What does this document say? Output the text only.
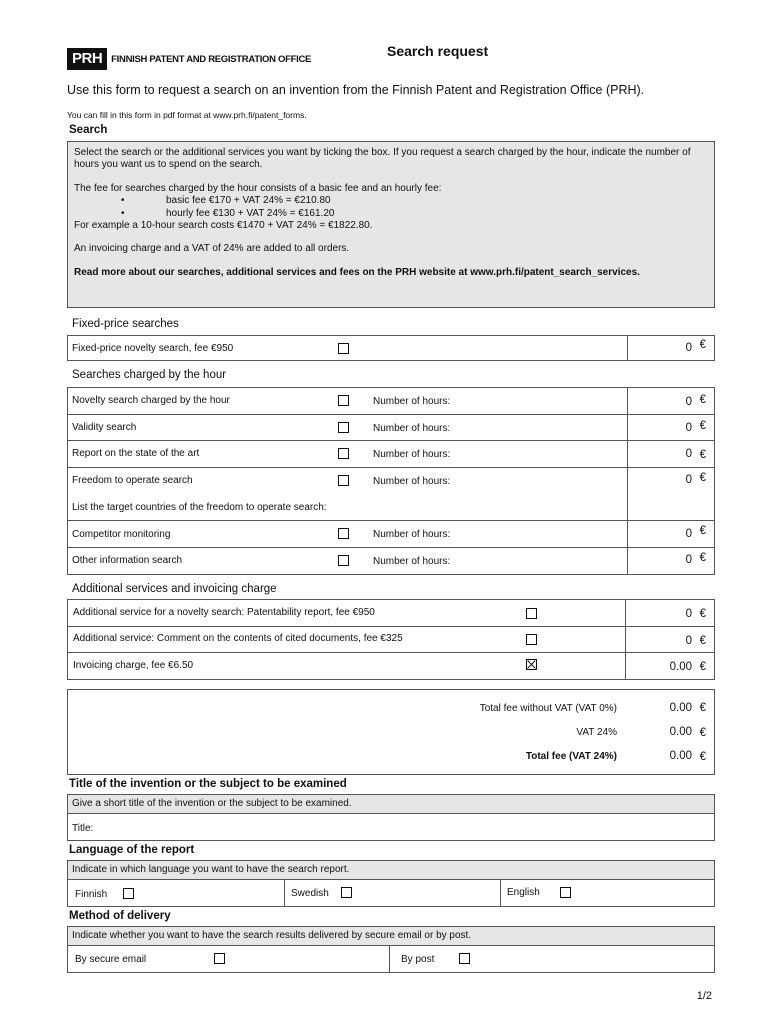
PRH FINNISH PATENT AND REGISTRATION OFFICE	Search request
Use this form to request a search on an invention from the Finnish Patent and Registration Office (PRH).
You can fill in this form in pdf format at www.prh.fi/patent_forms.
Search

Select the search or the additional services you want by ticking the box. If you request a search charged by the hour, indicate the number of hours you want us to spend on the search.

The fee for searches charged by the hour consists of a basic fee and an hourly fee:
•	basic fee €170 + VAT 24% = €210.80
•	hourly fee €130 + VAT 24% = €161.20

For example a 10-hour search costs €1470 + VAT 24% = €1822.80.

An invoicing charge and a VAT of 24% are added to all orders.

Read more about our searches, additional services and fees on the PRH website at www.prh.fi/patent_search_services.

Fixed-price searches
Fixed-price novelty search, fee €950	0 €
Searches charged by the hour
Novelty search charged by the hour	Number of hours:	0 €
Validity search	Number of hours:	0 €
Report on the state of the art	Number of hours:	0 €
Freedom to operate search	Number of hours:	0 €
List the target countries of the freedom to operate search:
Competitor monitoring	Number of hours:	0 €
Other information search	Number of hours:	0 €
Additional services and invoicing charge
Additional service for a novelty search: Patentability report, fee €950	0 €
Additional service: Comment on the contents of cited documents, fee €325	0 €
Invoicing charge, fee €6.50	0.00 €
Total fee without VAT (VAT 0%)	0.00 €
VAT 24%	0.00 €
Total fee (VAT 24%)	0.00 €
Title of the invention or the subject to be examined
Give a short title of the invention or the subject to be examined.
Title:
Language of the report
Indicate in which language you want to have the search report.
Finnish	Swedish	English
Method of delivery
Indicate whether you want to have the search results delivered by secure email or by post.
By secure email	By post
1/2
